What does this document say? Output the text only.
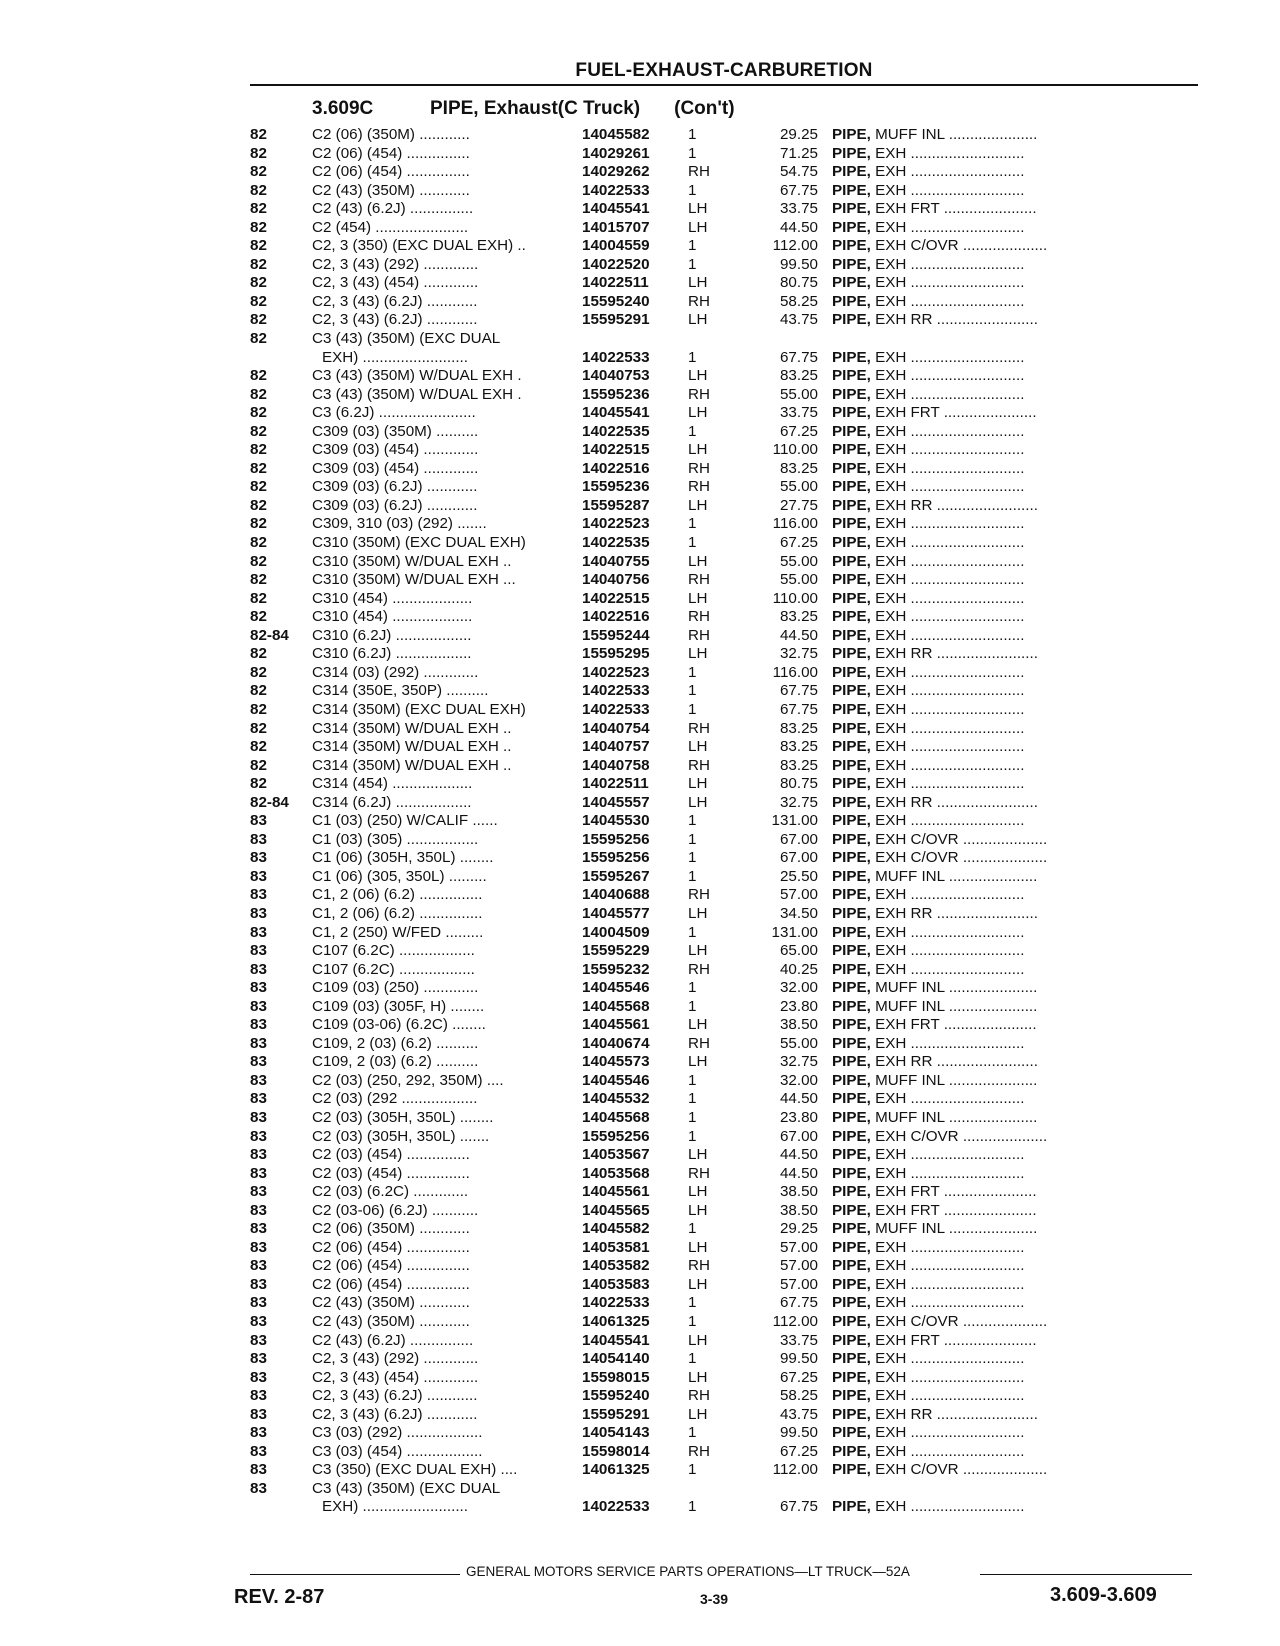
FUEL-EXHAUST-CARBURETION
3.609C	PIPE, Exhaust(C Truck) (Con't)
82	C2 (06) (350M) ............	14045582	1	29.25 PIPE, MUFF INL .....................
82	C2 (06) (454) ...............	14029261	1	71.25 PIPE, EXH ...........................
82	C2 (06) (454) ...............	14029262	RH	54.75 PIPE, EXH ...........................
82	C2 (43) (350M) ............	14022533	1	67.75 PIPE, EXH ...........................
82	C2 (43) (6.2J) ...............	14045541	LH	33.75 PIPE, EXH FRT ......................
82	C2 (454) ......................	14015707	LH	44.50 PIPE, EXH ...........................
82	C2, 3 (350) (EXC DUAL EXH) ..	14004559	1	112.00 PIPE, EXH C/OVR ....................
82	C2, 3 (43) (292) .............	14022520	1	99.50 PIPE, EXH ...........................
82	C2, 3 (43) (454) .............	14022511	LH	80.75 PIPE, EXH ...........................
82	C2, 3 (43) (6.2J) ............	15595240	RH	58.25 PIPE, EXH ...........................
82	C2, 3 (43) (6.2J) ............	15595291	LH	43.75 PIPE, EXH RR ........................
82	C3 (43) (350M) (EXC DUAL
EXH) .........................	14022533	1	67.75 PIPE, EXH ...........................
82	C3 (43) (350M) W/DUAL EXH .	14040753	LH	83.25 PIPE, EXH ...........................
82	C3 (43) (350M) W/DUAL EXH .	15595236	RH	55.00 PIPE, EXH ...........................
82	C3 (6.2J) .......................	14045541	LH	33.75 PIPE, EXH FRT ......................
82	C309 (03) (350M) ..........	14022535	1	67.25 PIPE, EXH ...........................
82	C309 (03) (454) .............	14022515	LH	110.00 PIPE, EXH ...........................
82	C309 (03) (454) .............	14022516	RH	83.25 PIPE, EXH ...........................
82	C309 (03) (6.2J) ............	15595236	RH	55.00 PIPE, EXH ...........................
82	C309 (03) (6.2J) ............	15595287	LH	27.75 PIPE, EXH RR ........................
82	C309, 310 (03) (292) .......	14022523	1	116.00 PIPE, EXH ...........................
82	C310 (350M) (EXC DUAL EXH)	14022535	1	67.25 PIPE, EXH ...........................
82	C310 (350M) W/DUAL EXH ..	14040755	LH	55.00 PIPE, EXH ...........................
82	C310 (350M) W/DUAL EXH ...	14040756	RH	55.00 PIPE, EXH ...........................
82	C310 (454) ...................	14022515	LH	110.00 PIPE, EXH ...........................
82	C310 (454) ...................	14022516	RH	83.25 PIPE, EXH ...........................
82-84 C310 (6.2J) ..................	15595244	RH	44.50 PIPE, EXH ...........................
82	C310 (6.2J) ..................	15595295	LH	32.75 PIPE, EXH RR ........................
82	C314 (03) (292) .............	14022523	1	116.00 PIPE, EXH ...........................
82	C314 (350E, 350P) ..........	14022533	1	67.75 PIPE, EXH ...........................
82	C314 (350M) (EXC DUAL EXH)	14022533	1	67.75 PIPE, EXH ...........................
82	C314 (350M) W/DUAL EXH ..	14040754	RH	83.25 PIPE, EXH ...........................
82	C314 (350M) W/DUAL EXH ..	14040757	LH	83.25 PIPE, EXH ...........................
82	C314 (350M) W/DUAL EXH ..	14040758	RH	83.25 PIPE, EXH ...........................
82	C314 (454) ...................	14022511	LH	80.75 PIPE, EXH ...........................
82-84 C314 (6.2J) ..................	14045557	LH	32.75 PIPE, EXH RR ........................
83	C1 (03) (250) W/CALIF ......	14045530	1	131.00 PIPE, EXH ...........................
83	C1 (03) (305) .................	15595256	1	67.00 PIPE, EXH C/OVR ....................
83	C1 (06) (305H, 350L) ........	15595256	1	67.00 PIPE, EXH C/OVR ....................
83	C1 (06) (305, 350L) .........	15595267	1	25.50 PIPE, MUFF INL .....................
83	C1, 2 (06) (6.2) ...............	14040688	RH	57.00 PIPE, EXH ...........................
83	C1, 2 (06) (6.2) ...............	14045577	LH	34.50 PIPE, EXH RR ........................
83	C1, 2 (250) W/FED .........	14004509	1	131.00 PIPE, EXH ...........................
83	C107 (6.2C) ..................	15595229	LH	65.00 PIPE, EXH ...........................
83	C107 (6.2C) ..................	15595232	RH	40.25 PIPE, EXH ...........................
83	C109 (03) (250) .............	14045546	1	32.00 PIPE, MUFF INL .....................
83	C109 (03) (305F, H) ........	14045568	1	23.80 PIPE, MUFF INL .....................
83	C109 (03-06) (6.2C) ........	14045561	LH	38.50 PIPE, EXH FRT ......................
83	C109, 2 (03) (6.2) ..........	14040674	RH	55.00 PIPE, EXH ...........................
83	C109, 2 (03) (6.2) ..........	14045573	LH	32.75 PIPE, EXH RR ........................
83	C2 (03) (250, 292, 350M) ....	14045546	1	32.00 PIPE, MUFF INL .....................
83	C2 (03) (292 ..................	14045532	1	44.50 PIPE, EXH ...........................
83	C2 (03) (305H, 350L) ........	14045568	1	23.80 PIPE, MUFF INL .....................
83	C2 (03) (305H, 350L) .......	15595256	1	67.00 PIPE, EXH C/OVR ....................
83	C2 (03) (454) ...............	14053567	LH	44.50 PIPE, EXH ...........................
83	C2 (03) (454) ...............	14053568	RH	44.50 PIPE, EXH ...........................
83	C2 (03) (6.2C) .............	14045561	LH	38.50 PIPE, EXH FRT ......................
83	C2 (03-06) (6.2J) ...........	14045565	LH	38.50 PIPE, EXH FRT ......................
83	C2 (06) (350M) ............	14045582	1	29.25 PIPE, MUFF INL .....................
83	C2 (06) (454) ...............	14053581	LH	57.00 PIPE, EXH ...........................
83	C2 (06) (454) ...............	14053582	RH	57.00 PIPE, EXH ...........................
83	C2 (06) (454) ...............	14053583	LH	57.00 PIPE, EXH ...........................
83	C2 (43) (350M) ............	14022533	1	67.75 PIPE, EXH ...........................
83	C2 (43) (350M) ............	14061325	1	112.00 PIPE, EXH C/OVR ....................
83	C2 (43) (6.2J) ...............	14045541	LH	33.75 PIPE, EXH FRT ......................
83	C2, 3 (43) (292) .............	14054140	1	99.50 PIPE, EXH ...........................
83	C2, 3 (43) (454) .............	15598015	LH	67.25 PIPE, EXH ...........................
83	C2, 3 (43) (6.2J) ............	15595240	RH	58.25 PIPE, EXH ...........................
83	C2, 3 (43) (6.2J) ............	15595291	LH	43.75 PIPE, EXH RR ........................
83	C3 (03) (292) ..................	14054143	1	99.50 PIPE, EXH ...........................
83	C3 (03) (454) ..................	15598014	RH	67.25 PIPE, EXH ...........................
83	C3 (350) (EXC DUAL EXH) ....	14061325	1	112.00 PIPE, EXH C/OVR ....................
83	C3 (43) (350M) (EXC DUAL
EXH) .........................	14022533	1	67.75 PIPE, EXH ...........................
GENERAL MOTORS SERVICE PARTS OPERATIONS—LT TRUCK—52A
REV. 2-87	3-39	3.609-3.609
